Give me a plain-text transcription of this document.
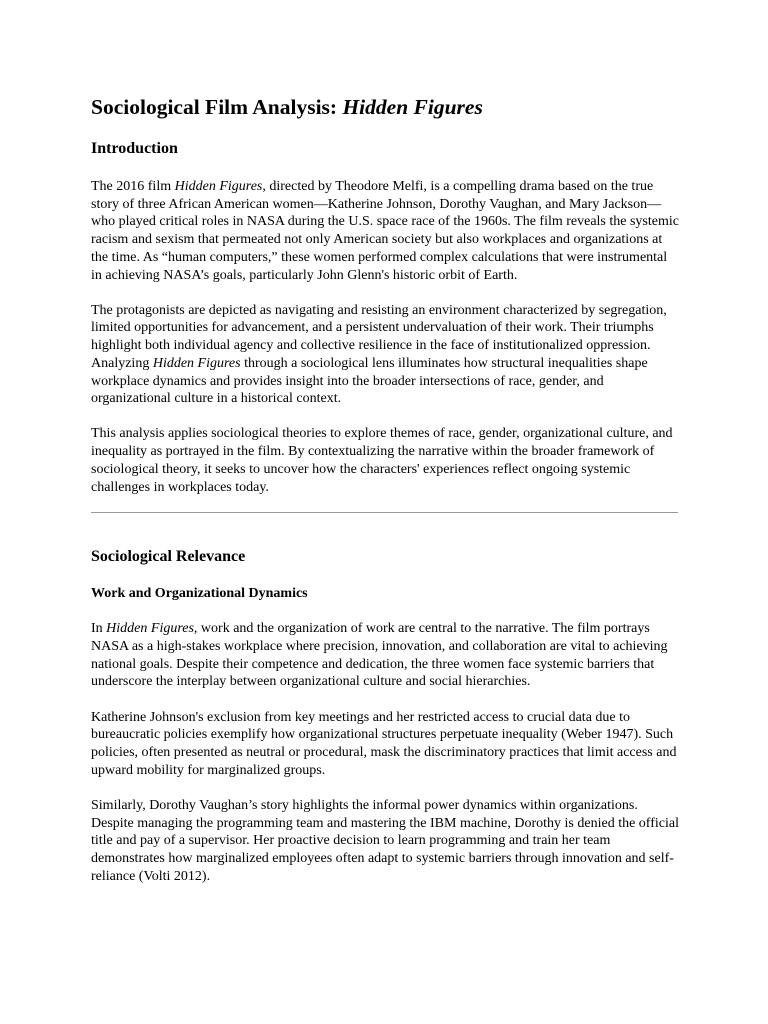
Sociological Film Analysis: Hidden Figures
Introduction

The 2016 film Hidden Figures, directed by Theodore Melfi, is a compelling drama based on the true story of three African American women—Katherine Johnson, Dorothy Vaughan, and Mary Jackson—who played critical roles in NASA during the U.S. space race of the 1960s. The film reveals the systemic racism and sexism that permeated not only American society but also workplaces and organizations at the time. As “human computers,” these women performed complex calculations that were instrumental in achieving NASA’s goals, particularly John Glenn's historic orbit of Earth.

The protagonists are depicted as navigating and resisting an environment characterized by segregation, limited opportunities for advancement, and a persistent undervaluation of their work. Their triumphs highlight both individual agency and collective resilience in the face of institutionalized oppression. Analyzing Hidden Figures through a sociological lens illuminates how structural inequalities shape workplace dynamics and provides insight into the broader intersections of race, gender, and organizational culture in a historical context.

This analysis applies sociological theories to explore themes of race, gender, organizational culture, and inequality as portrayed in the film. By contextualizing the narrative within the broader framework of sociological theory, it seeks to uncover how the characters' experiences reflect ongoing systemic challenges in workplaces today.

Sociological Relevance
Work and Organizational Dynamics

In Hidden Figures, work and the organization of work are central to the narrative. The film portrays NASA as a high-stakes workplace where precision, innovation, and collaboration are vital to achieving national goals. Despite their competence and dedication, the three women face systemic barriers that underscore the interplay between organizational culture and social hierarchies.

Katherine Johnson's exclusion from key meetings and her restricted access to crucial data due to bureaucratic policies exemplify how organizational structures perpetuate inequality (Weber 1947). Such policies, often presented as neutral or procedural, mask the discriminatory practices that limit access and upward mobility for marginalized groups.

Similarly, Dorothy Vaughan’s story highlights the informal power dynamics within organizations. Despite managing the programming team and mastering the IBM machine, Dorothy is denied the official title and pay of a supervisor. Her proactive decision to learn programming and train her team demonstrates how marginalized employees often adapt to systemic barriers through innovation and self-reliance (Volti 2012).
